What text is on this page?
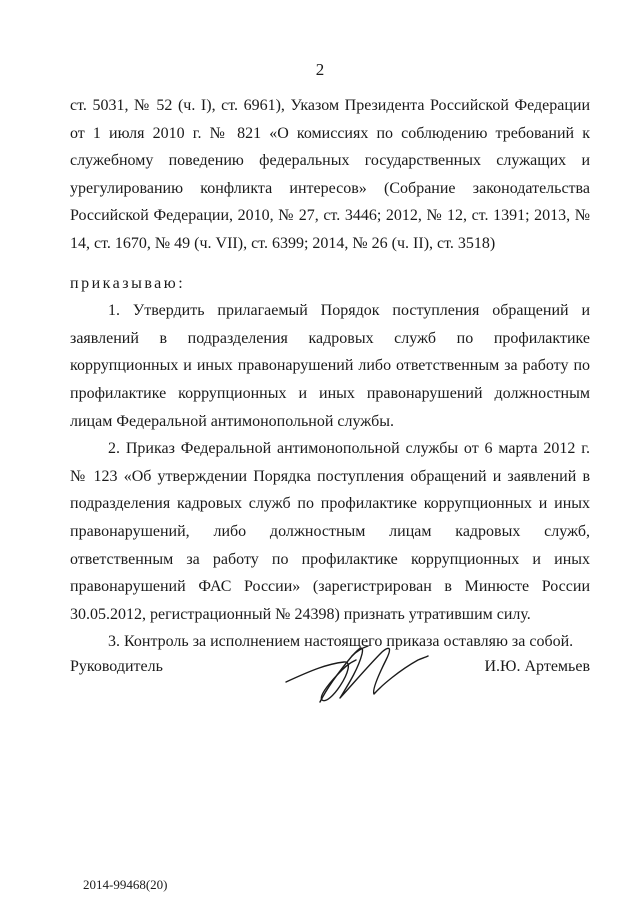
2

ст. 5031, № 52 (ч. I), ст. 6961), Указом Президента Российской Федерации от 1 июля 2010 г. № 821 «О комиссиях по соблюдению требований к служебному поведению федеральных государственных служащих и урегулированию конфликта интересов» (Собрание законодательства Российской Федерации, 2010, № 27, ст. 3446; 2012, № 12, ст. 1391; 2013, № 14, ст. 1670, № 49 (ч. VII), ст. 6399; 2014, № 26 (ч. II), ст. 3518)

приказываю:

1. Утвердить прилагаемый Порядок поступления обращений и заявлений в подразделения кадровых служб по профилактике коррупционных и иных правонарушений либо ответственным за работу по профилактике коррупционных и иных правонарушений должностным лицам Федеральной антимонопольной службы.

2. Приказ Федеральной антимонопольной службы от 6 марта 2012 г. № 123 «Об утверждении Порядка поступления обращений и заявлений в подразделения кадровых служб по профилактике коррупционных и иных правонарушений, либо должностным лицам кадровых служб, ответственным за работу по профилактике коррупционных и иных правонарушений ФАС России» (зарегистрирован в Минюсте России 30.05.2012, регистрационный № 24398) признать утратившим силу.

3. Контроль за исполнением настоящего приказа оставляю за собой.

Руководитель	И.Ю. Артемьев
2014-99468(20)
